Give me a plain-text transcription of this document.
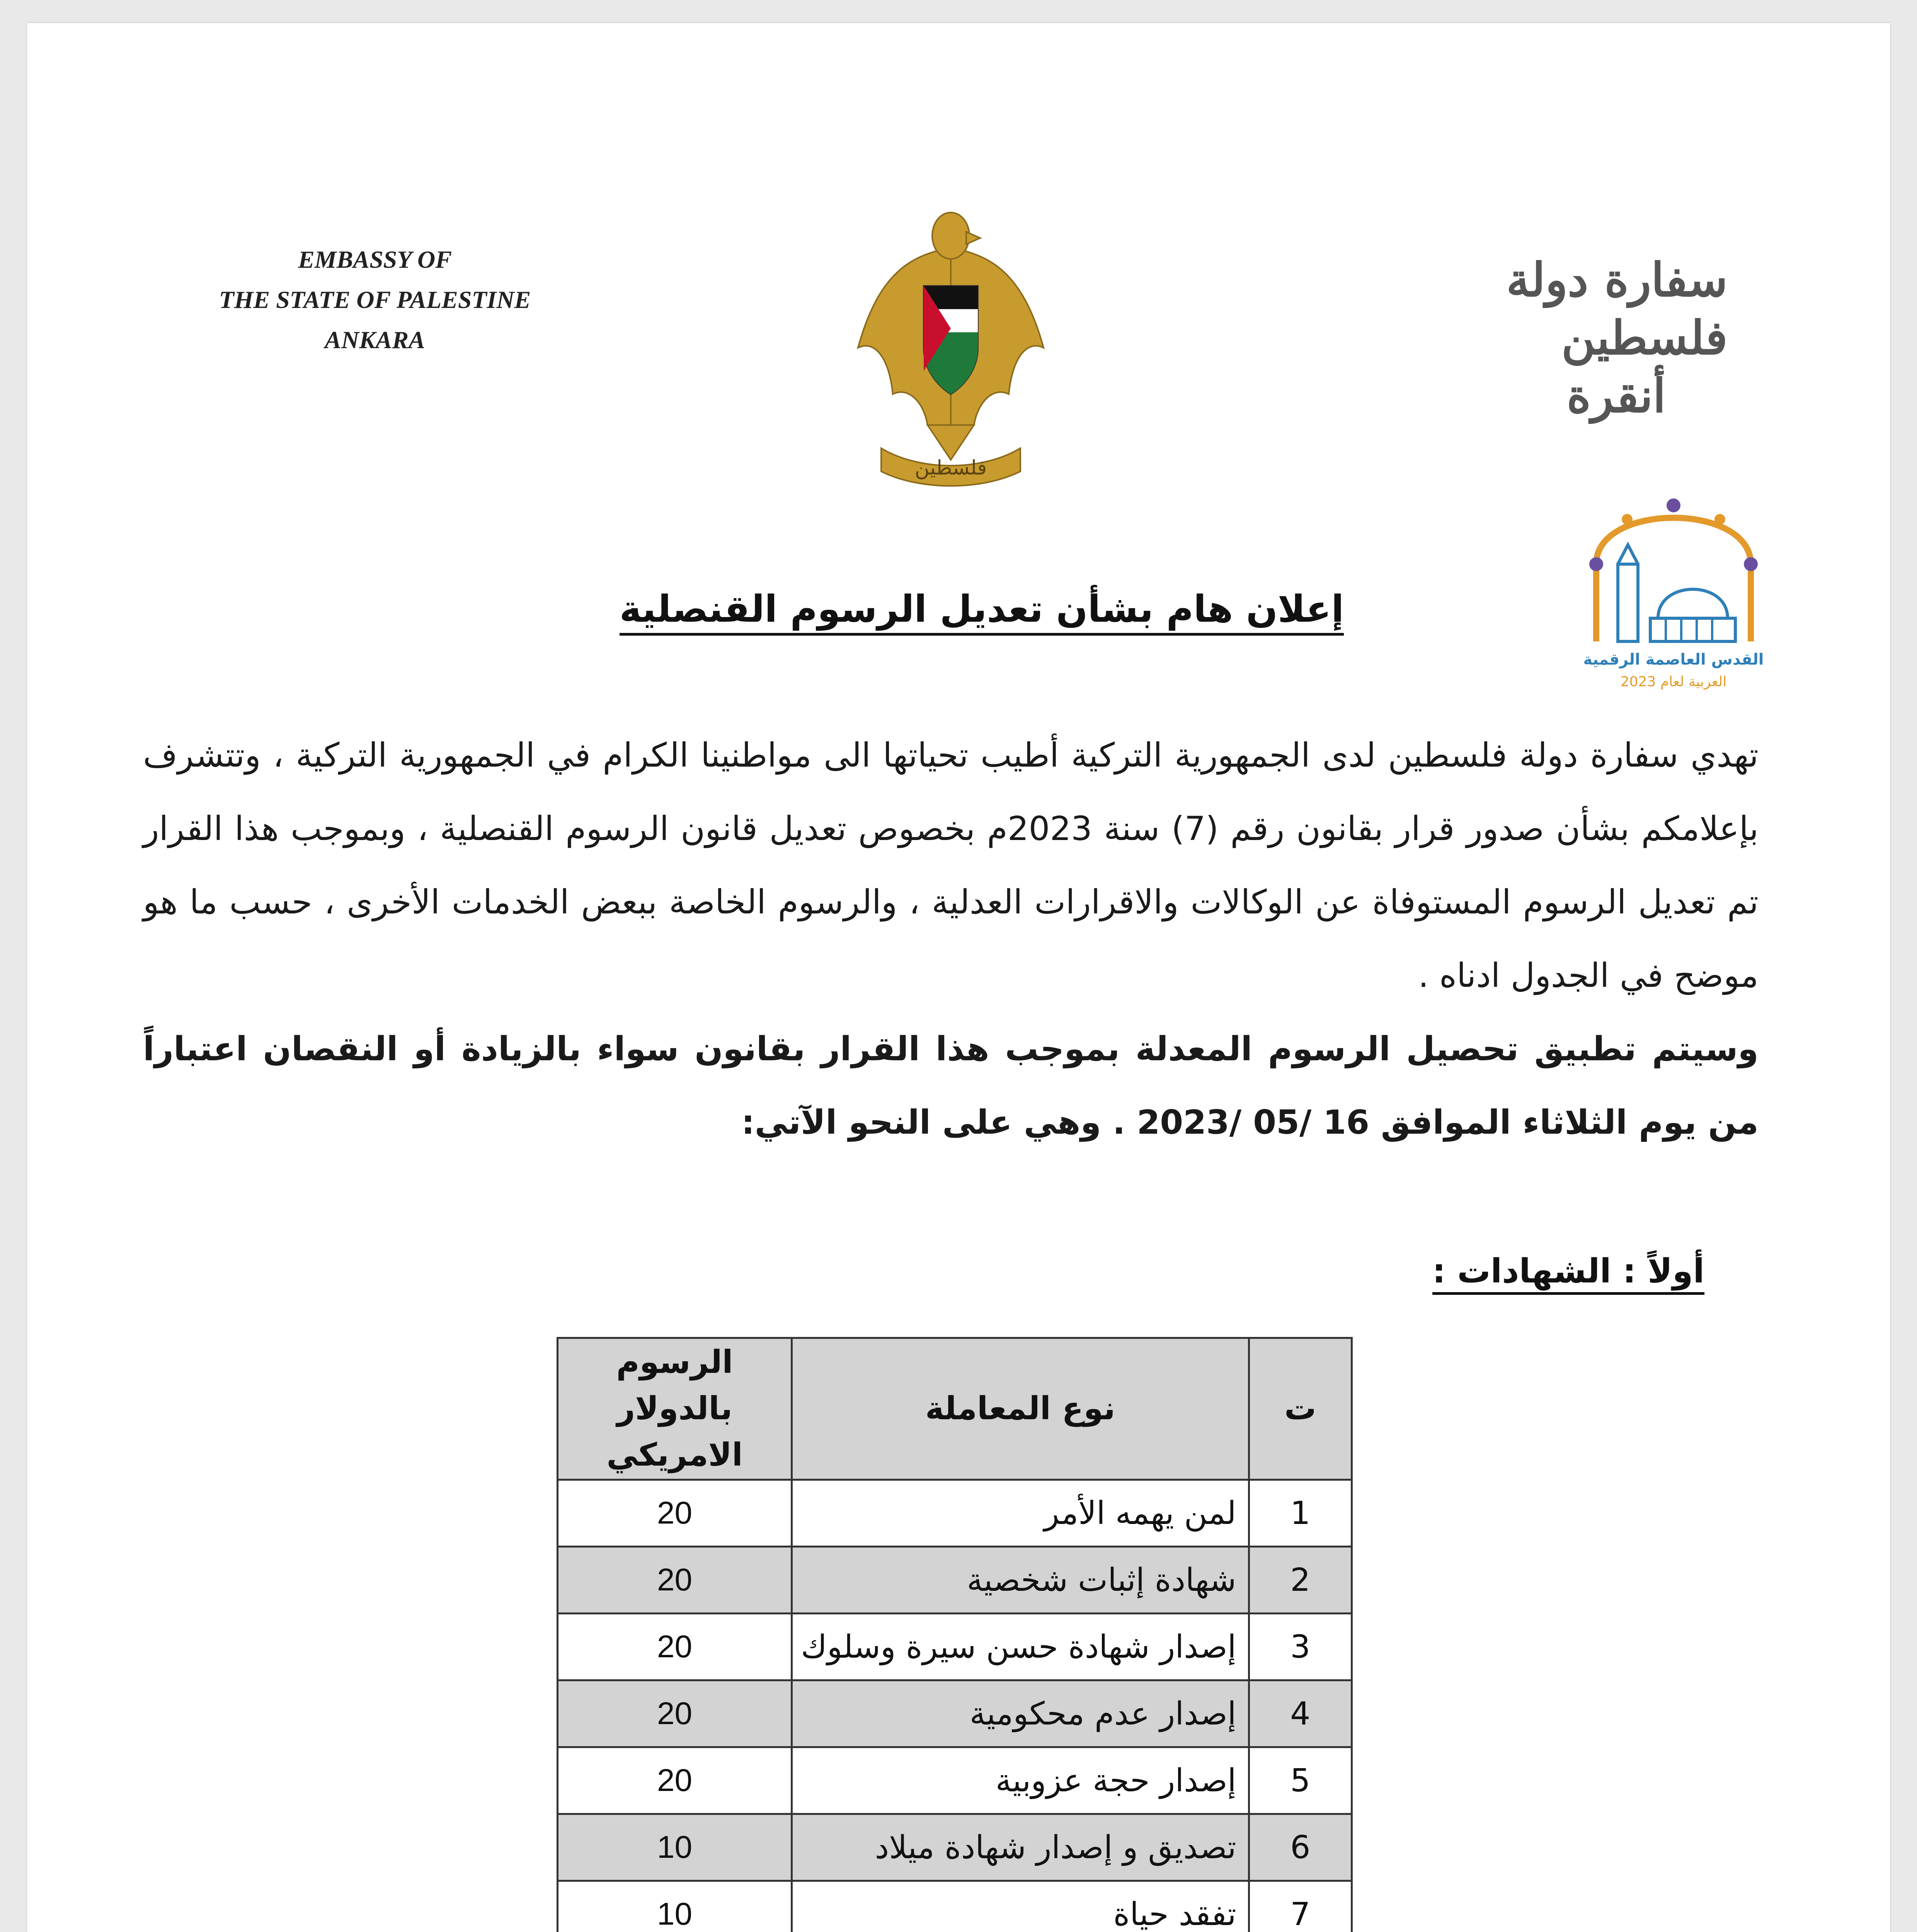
EMBASSY OF
THE STATE OF PALESTINE
ANKARA
فلسطين
سفارة دولة فلسطين
أنقرة
القدس العاصمة الرقمية
العربية لعام 2023
إعلان هام بشأن تعديل الرسوم القنصلية

تهدي سفارة دولة فلسطين لدى الجمهورية التركية أطيب تحياتها الى مواطنينا الكرام في الجمهورية التركية ، وتتشرف بإعلامكم بشأن صدور قرار بقانون رقم (7) سنة 2023م بخصوص تعديل قانون الرسوم القنصلية ، وبموجب هذا القرار تم تعديل الرسوم المستوفاة عن الوكالات والاقرارات العدلية ، والرسوم الخاصة ببعض الخدمات الأخرى ، حسب ما هو موضح في الجدول ادناه .

وسيتم تطبيق تحصيل الرسوم المعدلة بموجب هذا القرار بقانون سواء بالزيادة أو النقصان اعتباراً من يوم الثلاثاء الموافق 16 /05 /2023 . وهي على النحو الآتي:

أولاً : الشهادات :
ت	نوع المعاملة	الرسوم بالدولار الامريكي
1	لمن يهمه الأمر	20
2	شهادة إثبات شخصية	20
3	إصدار شهادة حسن سيرة وسلوك	20
4	إصدار عدم محكومية	20
5	إصدار حجة عزوبية	20
6	تصديق و إصدار شهادة ميلاد	10
7	تفقد حياة	10
